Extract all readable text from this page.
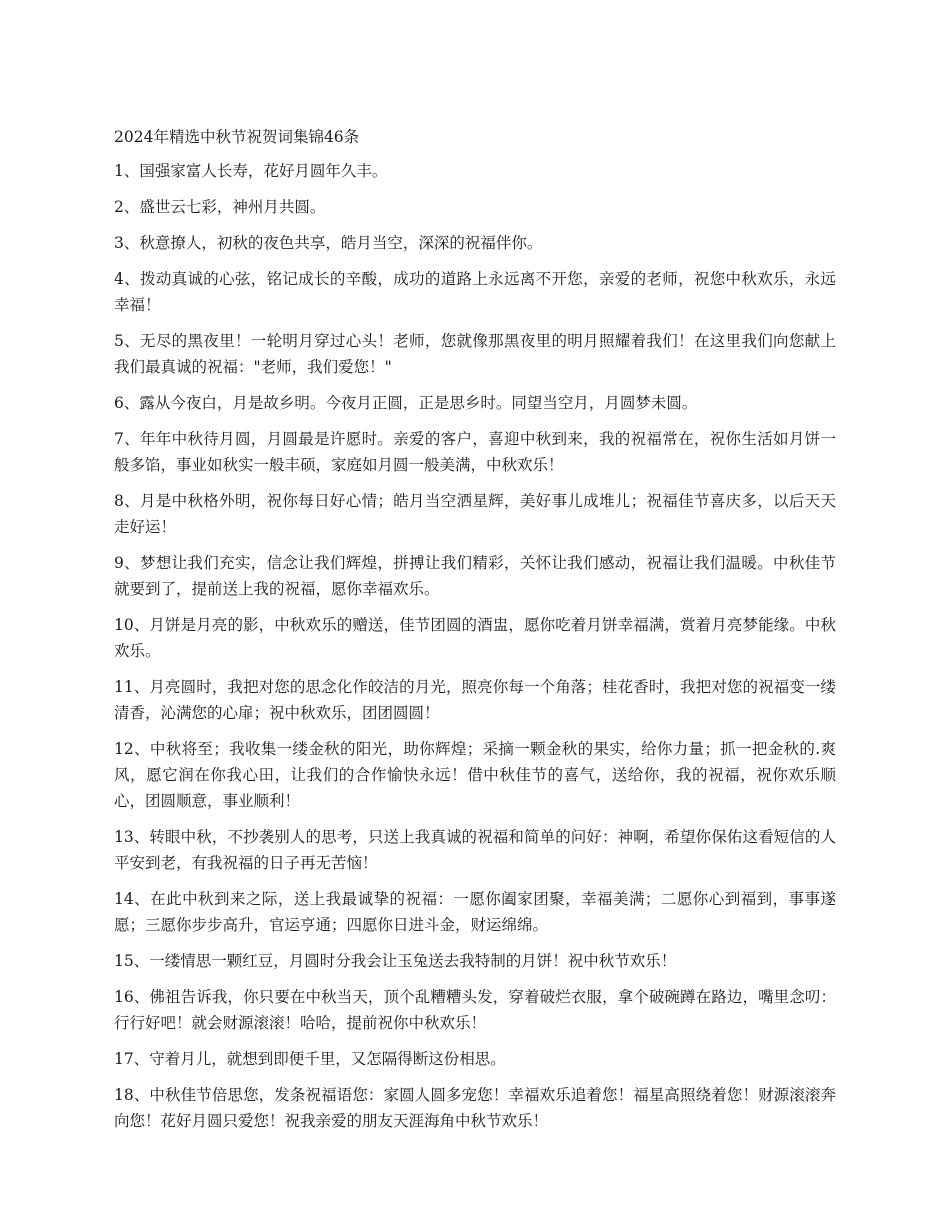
2024年精选中秋节祝贺词集锦46条

1、国强家富人长寿，花好月圆年久丰。

2、盛世云七彩，神州月共圆。

3、秋意撩人，初秋的夜色共享，皓月当空，深深的祝福伴你。

4、拨动真诚的心弦，铭记成长的辛酸，成功的道路上永远离不开您，亲爱的老师，祝您中秋欢乐，永远幸福！

5、无尽的黑夜里！一轮明月穿过心头！老师，您就像那黑夜里的明月照耀着我们！在这里我们向您献上我们最真诚的祝福："老师，我们爱您！"

6、露从今夜白，月是故乡明。今夜月正圆，正是思乡时。同望当空月，月圆梦未圆。

7、年年中秋待月圆，月圆最是许愿时。亲爱的客户，喜迎中秋到来，我的祝福常在，祝你生活如月饼一般多馅，事业如秋实一般丰硕，家庭如月圆一般美满，中秋欢乐！

8、月是中秋格外明，祝你每日好心情；皓月当空洒星辉，美好事儿成堆儿；祝福佳节喜庆多，以后天天走好运！

9、梦想让我们充实，信念让我们辉煌，拼搏让我们精彩，关怀让我们感动，祝福让我们温暖。中秋佳节就要到了，提前送上我的祝福，愿你幸福欢乐。

10、月饼是月亮的影，中秋欢乐的赠送，佳节团圆的酒盅，愿你吃着月饼幸福满，赏着月亮梦能缘。中秋欢乐。

11、月亮圆时，我把对您的思念化作皎洁的月光，照亮你每一个角落；桂花香时，我把对您的祝福变一缕清香，沁满您的心扉；祝中秋欢乐，团团圆圆！

12、中秋将至；我收集一缕金秋的阳光，助你辉煌；采摘一颗金秋的果实，给你力量；抓一把金秋的.爽风，愿它润在你我心田，让我们的合作愉快永远！借中秋佳节的喜气，送给你，我的祝福，祝你欢乐顺心，团圆顺意，事业顺利！

13、转眼中秋，不抄袭别人的思考，只送上我真诚的祝福和简单的问好：神啊，希望你保佑这看短信的人平安到老，有我祝福的日子再无苦恼！

14、在此中秋到来之际，送上我最诚挚的祝福：一愿你阖家团聚，幸福美满；二愿你心到福到，事事遂愿；三愿你步步高升，官运亨通；四愿你日进斗金，财运绵绵。

15、一缕情思一颗红豆，月圆时分我会让玉兔送去我特制的月饼！祝中秋节欢乐！

16、佛祖告诉我，你只要在中秋当天，顶个乱糟糟头发，穿着破烂衣服，拿个破碗蹲在路边，嘴里念叨：行行好吧！就会财源滚滚！哈哈，提前祝你中秋欢乐！

17、守着月儿，就想到即便千里，又怎隔得断这份相思。

18、中秋佳节倍思您，发条祝福语您：家圆人圆多宠您！幸福欢乐追着您！福星高照绕着您！财源滚滚奔向您！花好月圆只爱您！祝我亲爱的朋友天涯海角中秋节欢乐！
